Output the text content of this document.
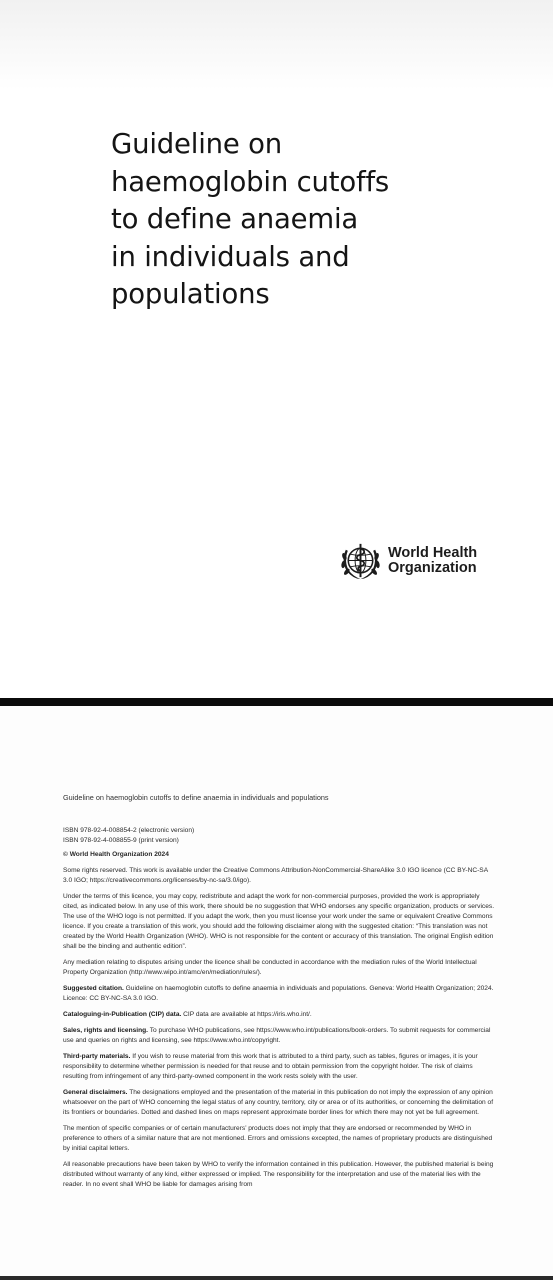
Guideline on
haemoglobin cutoffs
to define anaemia
in individuals and
populations
World Health
Organization
Guideline on haemoglobin cutoffs to define anaemia in individuals and populations

ISBN 978-92-4-008854-2 (electronic version)

ISBN 978-92-4-008855-9 (print version)

© World Health Organization 2024

Some rights reserved. This work is available under the Creative Commons Attribution-NonCommercial-ShareAlike 3.0 IGO licence (CC BY-NC-SA 3.0 IGO; https://creativecommons.org/licenses/by-nc-sa/3.0/igo).

Under the terms of this licence, you may copy, redistribute and adapt the work for non-commercial purposes, provided the work is appropriately cited, as indicated below. In any use of this work, there should be no suggestion that WHO endorses any specific organization, products or services. The use of the WHO logo is not permitted. If you adapt the work, then you must license your work under the same or equivalent Creative Commons licence. If you create a translation of this work, you should add the following disclaimer along with the suggested citation: “This translation was not created by the World Health Organization (WHO). WHO is not responsible for the content or accuracy of this translation. The original English edition shall be the binding and authentic edition”.

Any mediation relating to disputes arising under the licence shall be conducted in accordance with the mediation rules of the World Intellectual Property Organization (http://www.wipo.int/amc/en/mediation/rules/).

Suggested citation. Guideline on haemoglobin cutoffs to define anaemia in individuals and populations. Geneva: World Health Organization; 2024. Licence: CC BY-NC-SA 3.0 IGO.

Cataloguing-in-Publication (CIP) data. CIP data are available at https://iris.who.int/.

Sales, rights and licensing. To purchase WHO publications, see https://www.who.int/publications/book-orders. To submit requests for commercial use and queries on rights and licensing, see https://www.who.int/copyright.

Third-party materials. If you wish to reuse material from this work that is attributed to a third party, such as tables, figures or images, it is your responsibility to determine whether permission is needed for that reuse and to obtain permission from the copyright holder. The risk of claims resulting from infringement of any third-party-owned component in the work rests solely with the user.

General disclaimers. The designations employed and the presentation of the material in this publication do not imply the expression of any opinion whatsoever on the part of WHO concerning the legal status of any country, territory, city or area or of its authorities, or concerning the delimitation of its frontiers or boundaries. Dotted and dashed lines on maps represent approximate border lines for which there may not yet be full agreement.

The mention of specific companies or of certain manufacturers’ products does not imply that they are endorsed or recommended by WHO in preference to others of a similar nature that are not mentioned. Errors and omissions excepted, the names of proprietary products are distinguished by initial capital letters.

All reasonable precautions have been taken by WHO to verify the information contained in this publication. However, the published material is being distributed without warranty of any kind, either expressed or implied. The responsibility for the interpretation and use of the material lies with the reader. In no event shall WHO be liable for damages arising from
